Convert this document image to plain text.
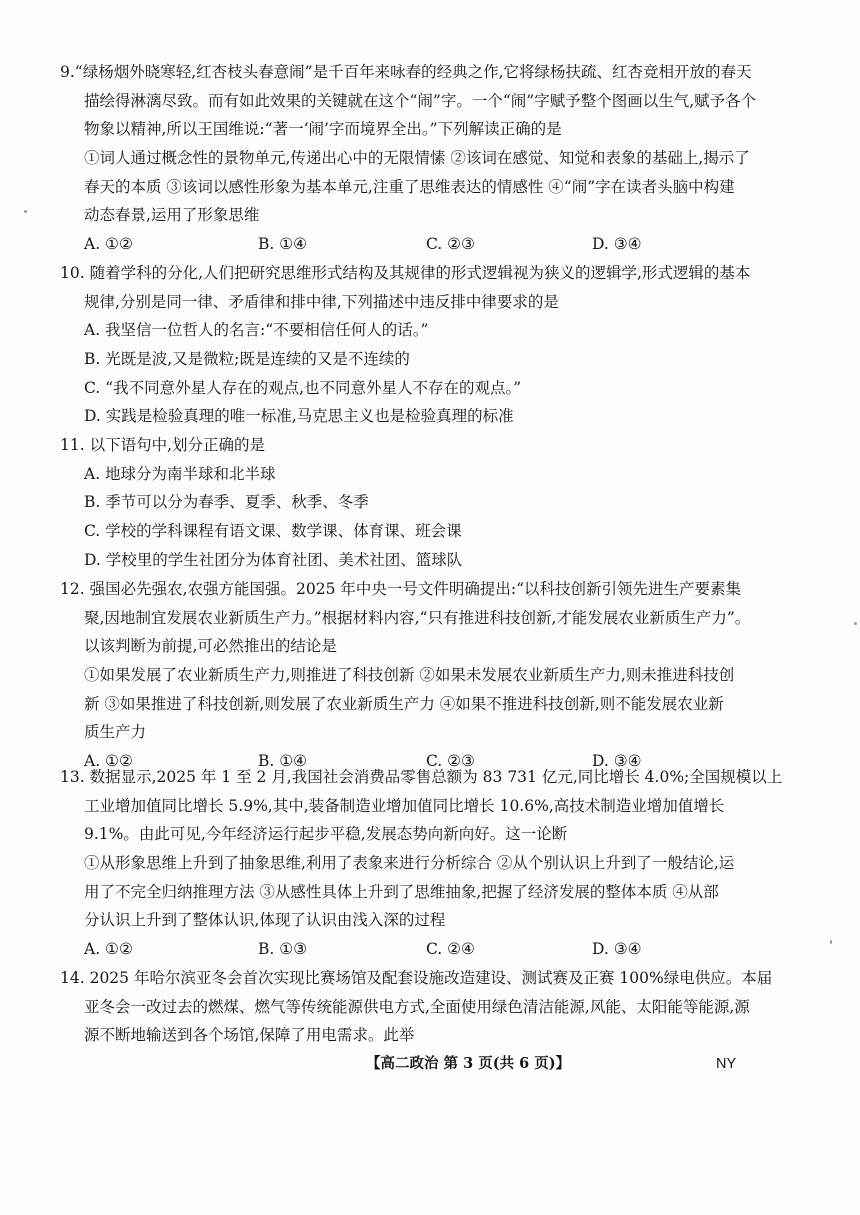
9.“绿杨烟外晓寒轻,红杏枝头春意闹”是千百年来咏春的经典之作,它将绿杨扶疏、红杏竞相开放的春天
描绘得淋漓尽致。而有如此效果的关键就在这个“闹”字。一个“闹”字赋予整个图画以生气,赋予各个
物象以精神,所以王国维说:“著一‘闹’字而境界全出。”下列解读正确的是
①词人通过概念性的景物单元,传递出心中的无限情愫 ②该词在感觉、知觉和表象的基础上,揭示了
春天的本质 ③该词以感性形象为基本单元,注重了思维表达的情感性 ④“闹”字在读者头脑中构建
动态春景,运用了形象思维
A. ①②	B. ①④	C. ②③	D. ③④
10. 随着学科的分化,人们把研究思维形式结构及其规律的形式逻辑视为狭义的逻辑学,形式逻辑的基本
规律,分别是同一律、矛盾律和排中律,下列描述中违反排中律要求的是
A. 我坚信一位哲人的名言:“不要相信任何人的话。”
B. 光既是波,又是微粒;既是连续的又是不连续的
C. “我不同意外星人存在的观点,也不同意外星人不存在的观点。”
D. 实践是检验真理的唯一标准,马克思主义也是检验真理的标准
11. 以下语句中,划分正确的是
A. 地球分为南半球和北半球
B. 季节可以分为春季、夏季、秋季、冬季
C. 学校的学科课程有语文课、数学课、体育课、班会课
D. 学校里的学生社团分为体育社团、美术社团、篮球队
12. 强国必先强农,农强方能国强。2025 年中央一号文件明确提出:“以科技创新引领先进生产要素集
聚,因地制宜发展农业新质生产力。”根据材料内容,“只有推进科技创新,才能发展农业新质生产力”。
以该判断为前提,可必然推出的结论是
①如果发展了农业新质生产力,则推进了科技创新 ②如果未发展农业新质生产力,则未推进科技创
新 ③如果推进了科技创新,则发展了农业新质生产力 ④如果不推进科技创新,则不能发展农业新
质生产力
A. ①②	B. ①④	C. ②③	D. ③④
13. 数据显示,2025 年 1 至 2 月,我国社会消费品零售总额为 83 731 亿元,同比增长 4.0%;全国规模以上
工业增加值同比增长 5.9%,其中,装备制造业增加值同比增长 10.6%,高技术制造业增加值增长
9.1%。由此可见,今年经济运行起步平稳,发展态势向新向好。这一论断
①从形象思维上升到了抽象思维,利用了表象来进行分析综合 ②从个别认识上升到了一般结论,运
用了不完全归纳推理方法 ③从感性具体上升到了思维抽象,把握了经济发展的整体本质 ④从部
分认识上升到了整体认识,体现了认识由浅入深的过程
A. ①②	B. ①③	C. ②④	D. ③④
14. 2025 年哈尔滨亚冬会首次实现比赛场馆及配套设施改造建设、测试赛及正赛 100%绿电供应。本届
亚冬会一改过去的燃煤、燃气等传统能源供电方式,全面使用绿色清洁能源,风能、太阳能等能源,源
源不断地输送到各个场馆,保障了用电需求。此举
【高二政治 第 3 页(共 6 页)】	NY
